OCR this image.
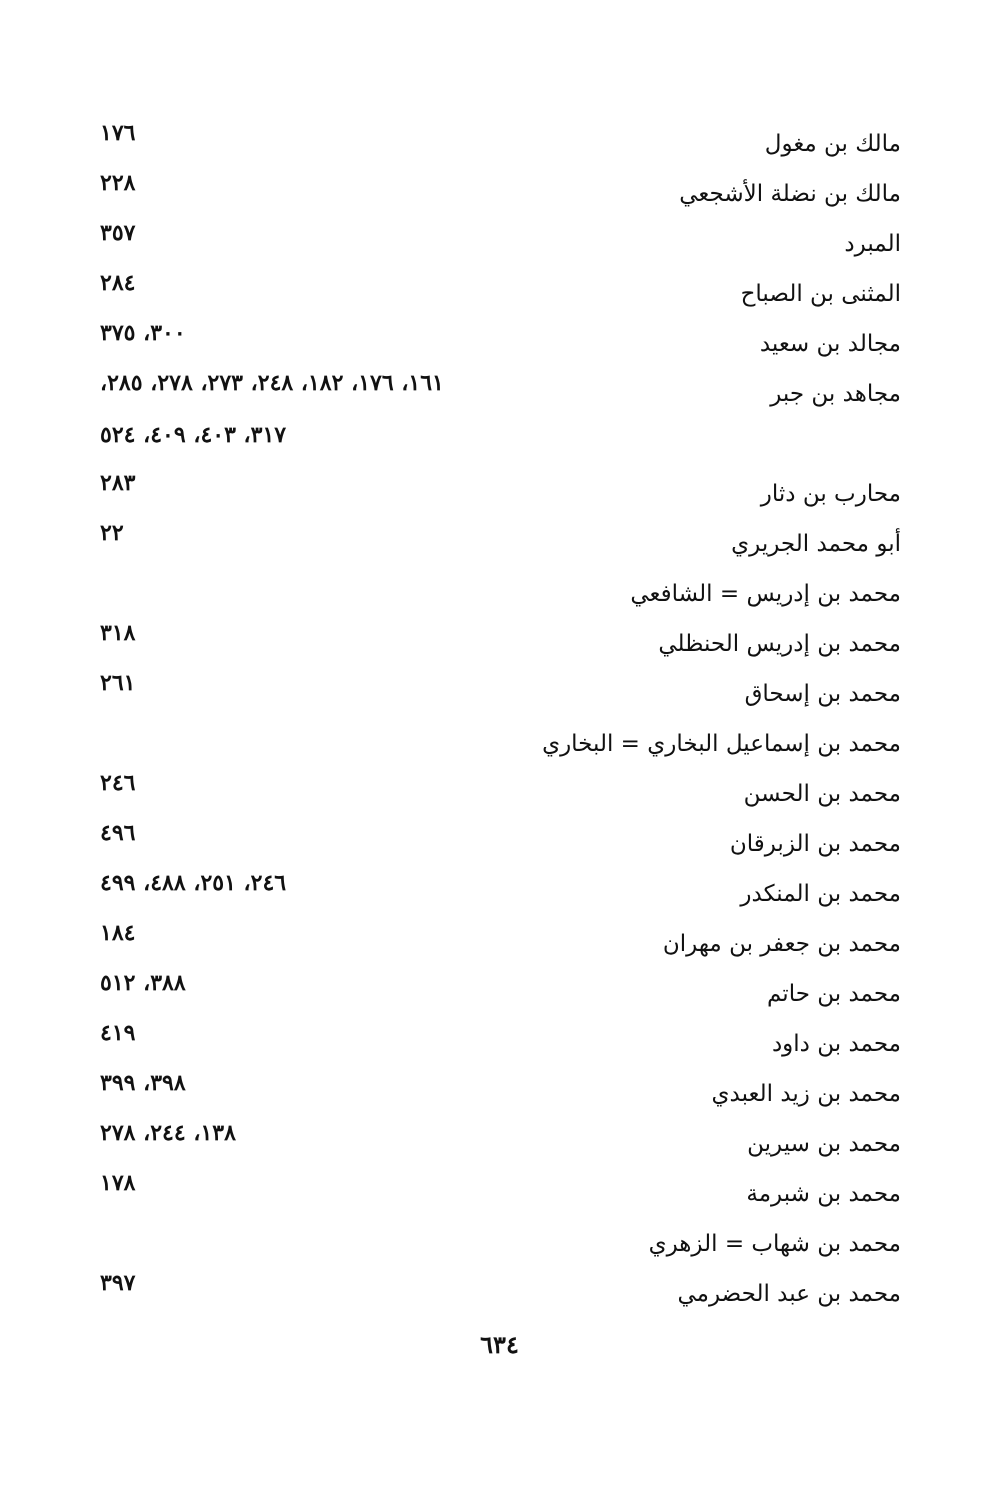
مالك بن مغول
١٧٦
مالك بن نضلة الأشجعي
٢٢٨
المبرد
٣٥٧
المثنى بن الصباح
٢٨٤
مجالد بن سعيد
٣٠٠، ٣٧٥
مجاهد بن جبر
١٦١، ١٧٦، ١٨٢، ٢٤٨، ٢٧٣، ٢٧٨، ٢٨٥،
٣١٧، ٤٠٣، ٤٠٩، ٥٢٤
محارب بن دثار
٢٨٣
أبو محمد الجريري
٢٢
محمد بن إدريس = الشافعي
محمد بن إدريس الحنظلي
٣١٨
محمد بن إسحاق
٢٦١
محمد بن إسماعيل البخاري = البخاري
محمد بن الحسن
٢٤٦
محمد بن الزبرقان
٤٩٦
محمد بن المنكدر
٢٤٦، ٢٥١، ٤٨٨، ٤٩٩
محمد بن جعفر بن مهران
١٨٤
محمد بن حاتم
٣٨٨، ٥١٢
محمد بن داود
٤١٩
محمد بن زيد العبدي
٣٩٨، ٣٩٩
محمد بن سيرين
١٣٨، ٢٤٤، ٢٧٨
محمد بن شبرمة
١٧٨
محمد بن شهاب = الزهري
محمد بن عبد الحضرمي
٣٩٧
٦٣٤
